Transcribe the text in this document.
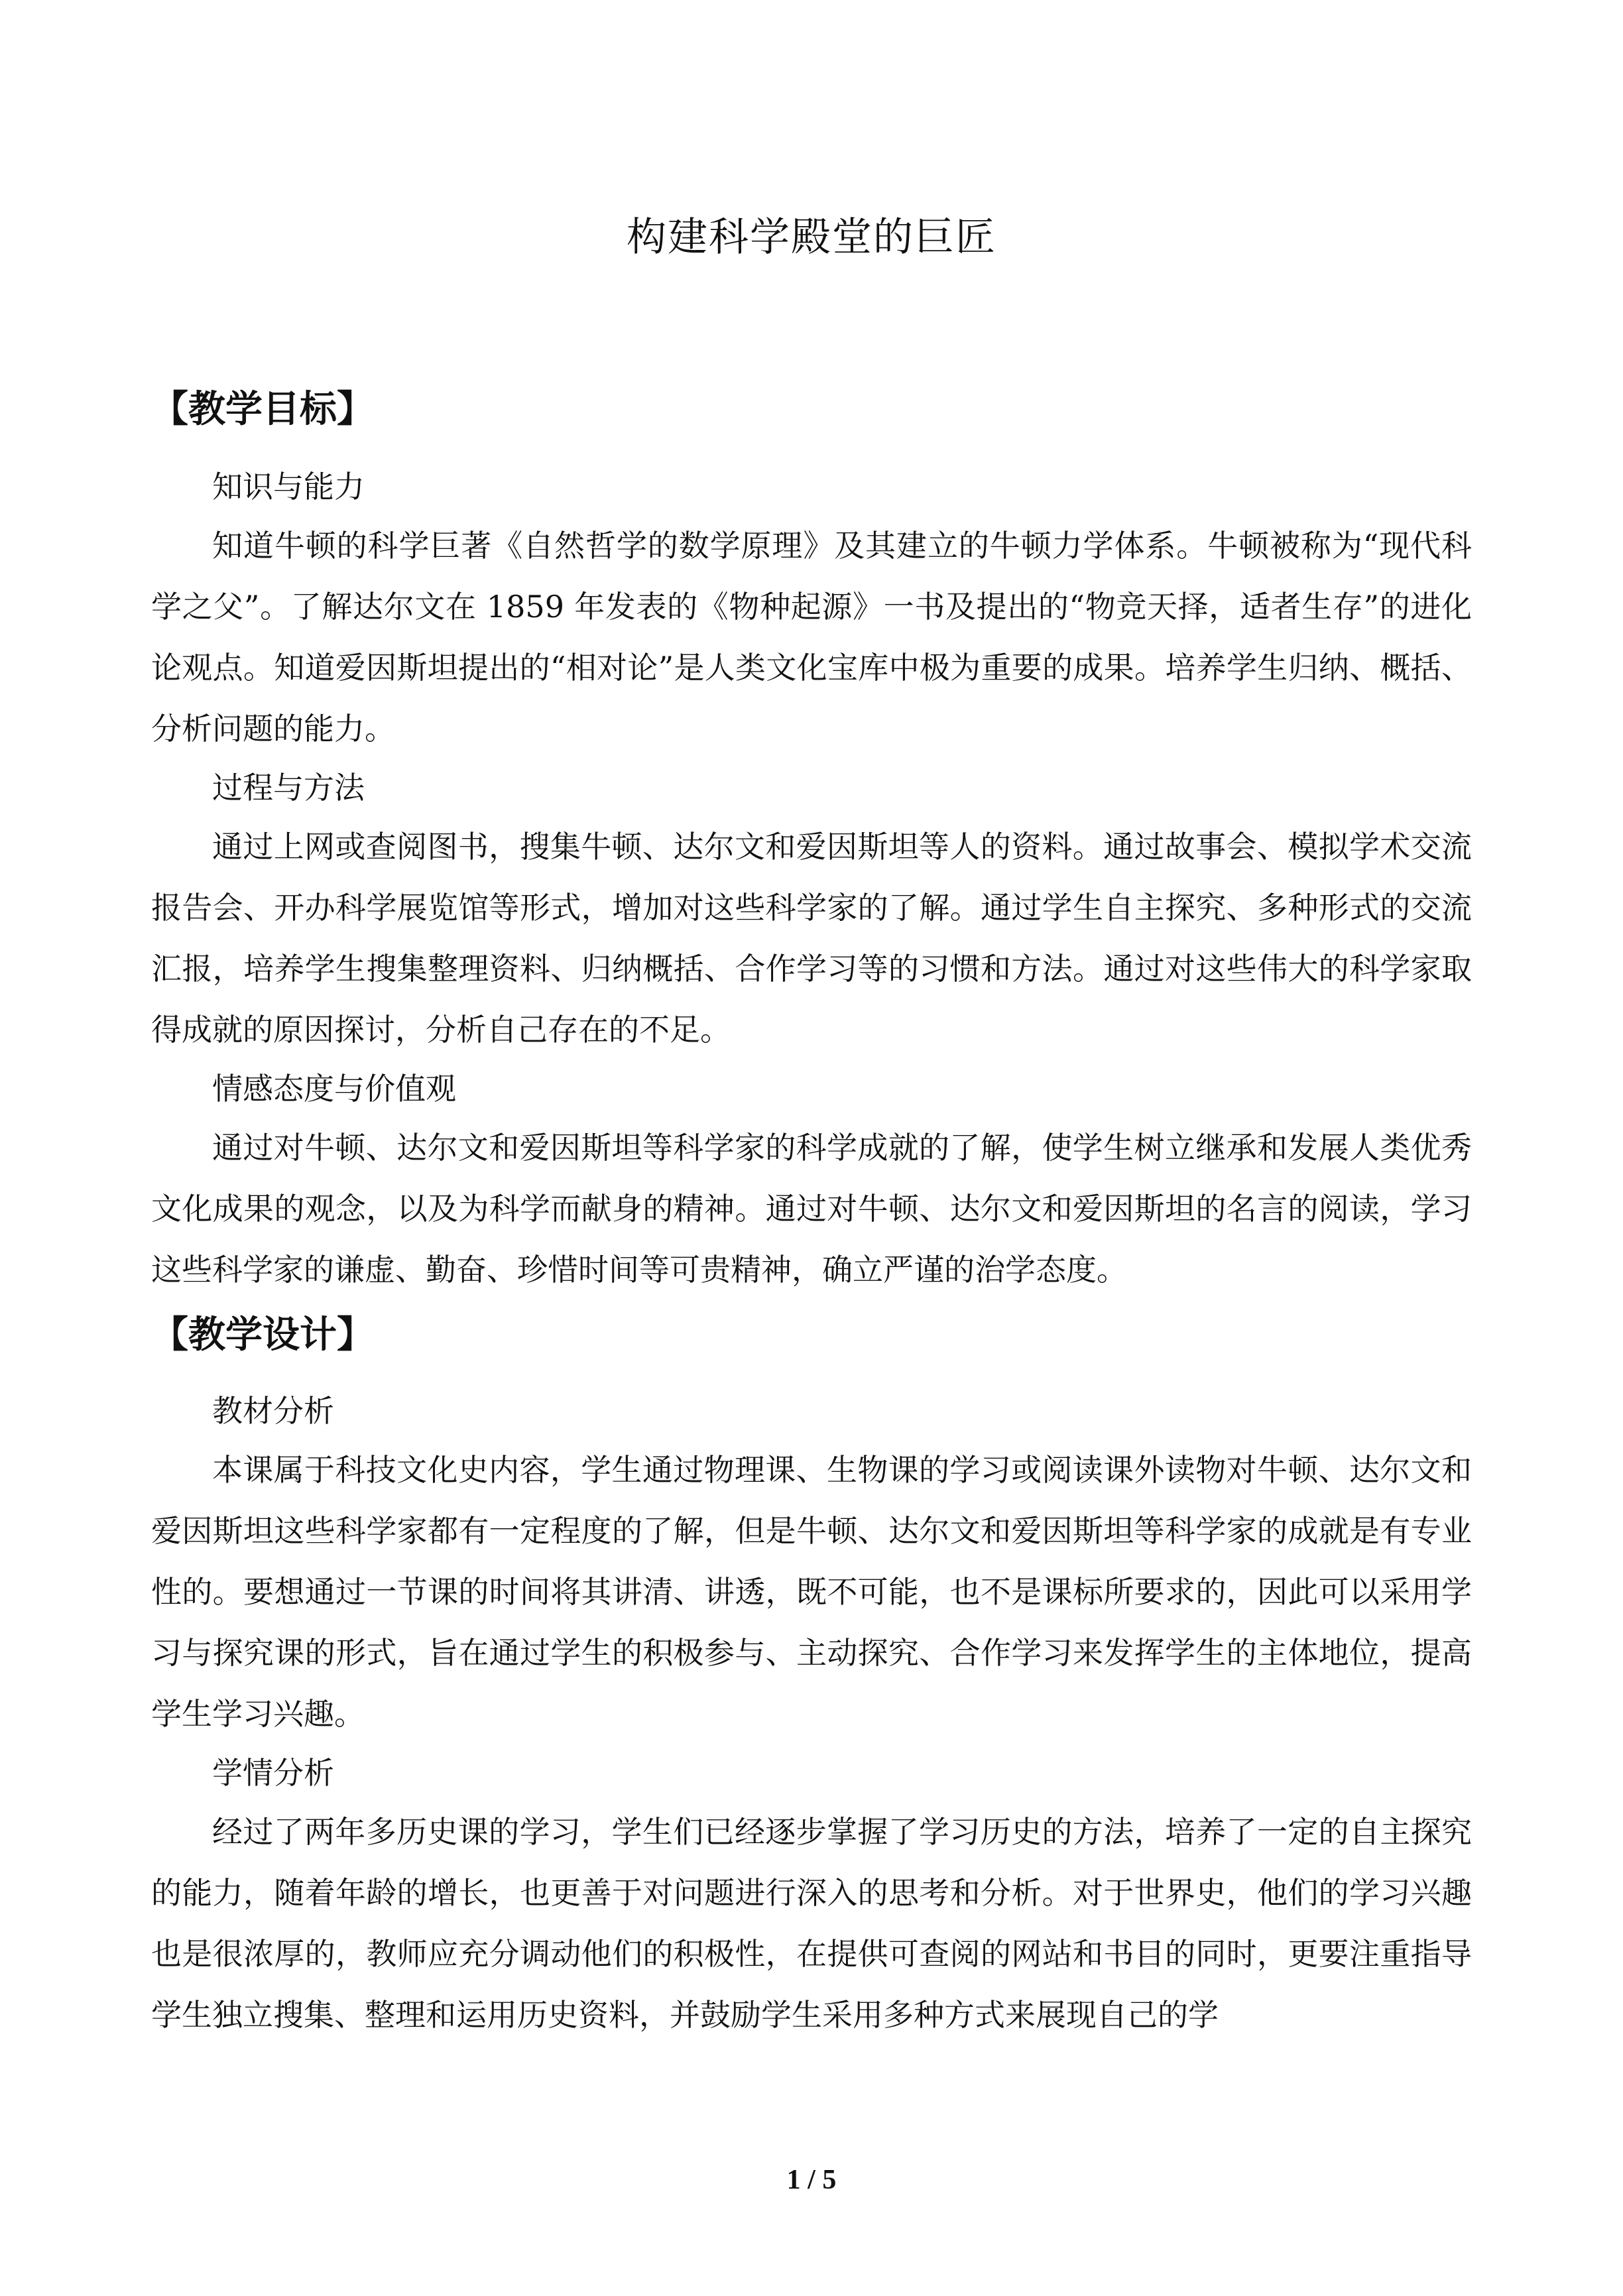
构建科学殿堂的巨匠
【教学目标】

知识与能力

知道牛顿的科学巨著《自然哲学的数学原理》及其建立的牛顿力学体系。牛顿被称为“现代科学之父”。了解达尔文在 1859 年发表的《物种起源》一书及提出的“物竞天择，适者生存”的进化论观点。知道爱因斯坦提出的“相对论”是人类文化宝库中极为重要的成果。培养学生归纳、概括、分析问题的能力。

过程与方法

通过上网或查阅图书，搜集牛顿、达尔文和爱因斯坦等人的资料。通过故事会、模拟学术交流报告会、开办科学展览馆等形式，增加对这些科学家的了解。通过学生自主探究、多种形式的交流汇报，培养学生搜集整理资料、归纳概括、合作学习等的习惯和方法。通过对这些伟大的科学家取得成就的原因探讨，分析自己存在的不足。

情感态度与价值观

通过对牛顿、达尔文和爱因斯坦等科学家的科学成就的了解，使学生树立继承和发展人类优秀文化成果的观念，以及为科学而献身的精神。通过对牛顿、达尔文和爱因斯坦的名言的阅读，学习这些科学家的谦虚、勤奋、珍惜时间等可贵精神，确立严谨的治学态度。

【教学设计】

教材分析

本课属于科技文化史内容，学生通过物理课、生物课的学习或阅读课外读物对牛顿、达尔文和爱因斯坦这些科学家都有一定程度的了解，但是牛顿、达尔文和爱因斯坦等科学家的成就是有专业性的。要想通过一节课的时间将其讲清、讲透，既不可能，也不是课标所要求的，因此可以采用学习与探究课的形式，旨在通过学生的积极参与、主动探究、合作学习来发挥学生的主体地位，提高学生学习兴趣。

学情分析

经过了两年多历史课的学习，学生们已经逐步掌握了学习历史的方法，培养了一定的自主探究的能力，随着年龄的增长，也更善于对问题进行深入的思考和分析。对于世界史，他们的学习兴趣也是很浓厚的，教师应充分调动他们的积极性，在提供可查阅的网站和书目的同时，更要注重指导学生独立搜集、整理和运用历史资料，并鼓励学生采用多种方式来展现自己的学

1 / 5
